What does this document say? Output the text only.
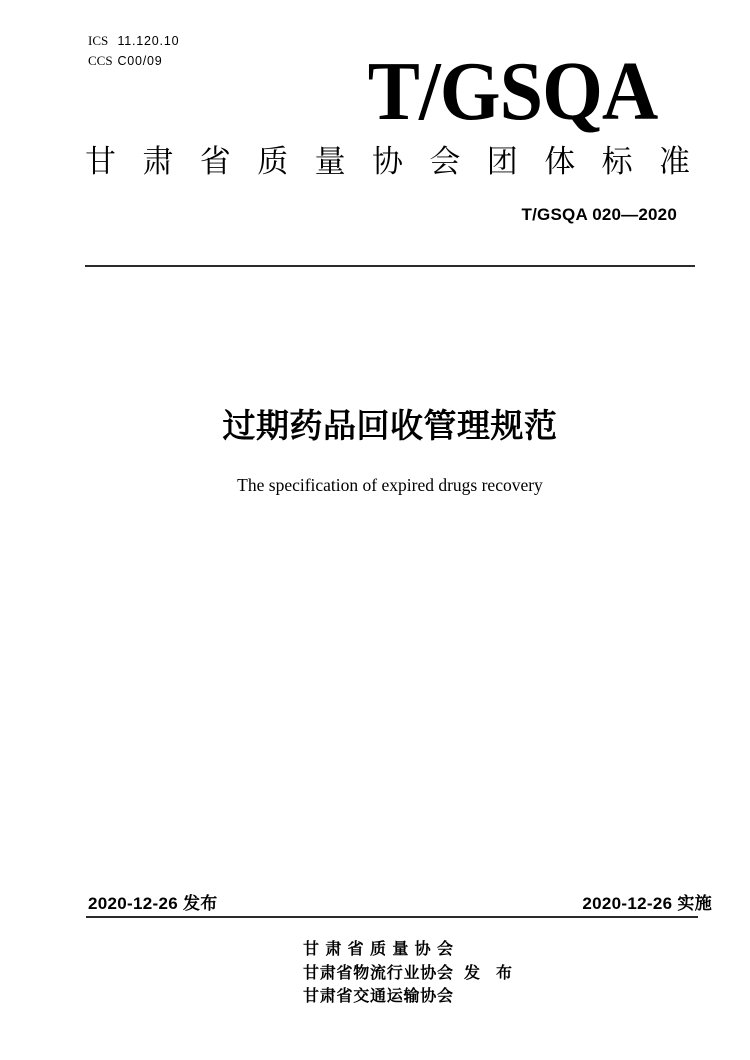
ICS 11.120.10
CCS C00/09 T/GSQA
甘肃省质量协会团体标准
T/GSQA 020—2020
过期药品回收管理规范
The specification of expired drugs recovery
2020-12-26 发布	2020-12-26 实施
甘肃省质量协会
甘肃省物流行业协会 发布
甘肃省交通运输协会
